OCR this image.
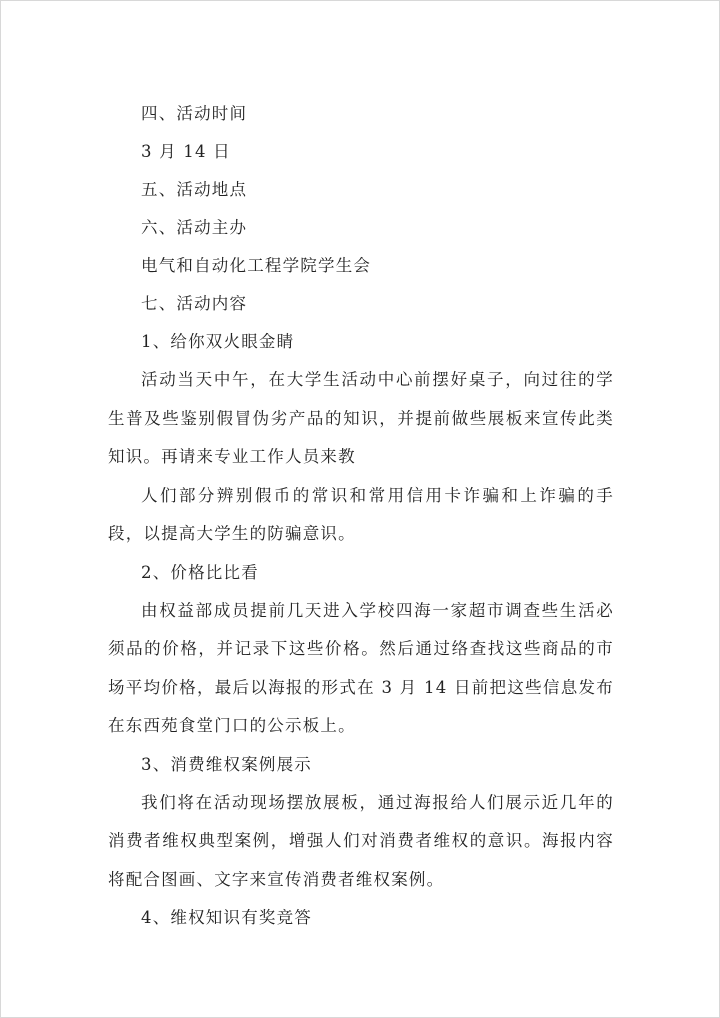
四、活动时间

3 月 14 日

五、活动地点

六、活动主办

电气和自动化工程学院学生会

七、活动内容

1、给你双火眼金睛

活动当天中午，在大学生活动中心前摆好桌子，向过往的学生普及些鉴别假冒伪劣产品的知识，并提前做些展板来宣传此类知识。再请来专业工作人员来教

人们部分辨别假币的常识和常用信用卡诈骗和上诈骗的手段，以提高大学生的防骗意识。

2、价格比比看

由权益部成员提前几天进入学校四海一家超市调查些生活必须品的价格，并记录下这些价格。然后通过络查找这些商品的市场平均价格，最后以海报的形式在 3 月 14 日前把这些信息发布在东西苑食堂门口的公示板上。

3、消费维权案例展示

我们将在活动现场摆放展板，通过海报给人们展示近几年的消费者维权典型案例，增强人们对消费者维权的意识。海报内容将配合图画、文字来宣传消费者维权案例。

4、维权知识有奖竞答
